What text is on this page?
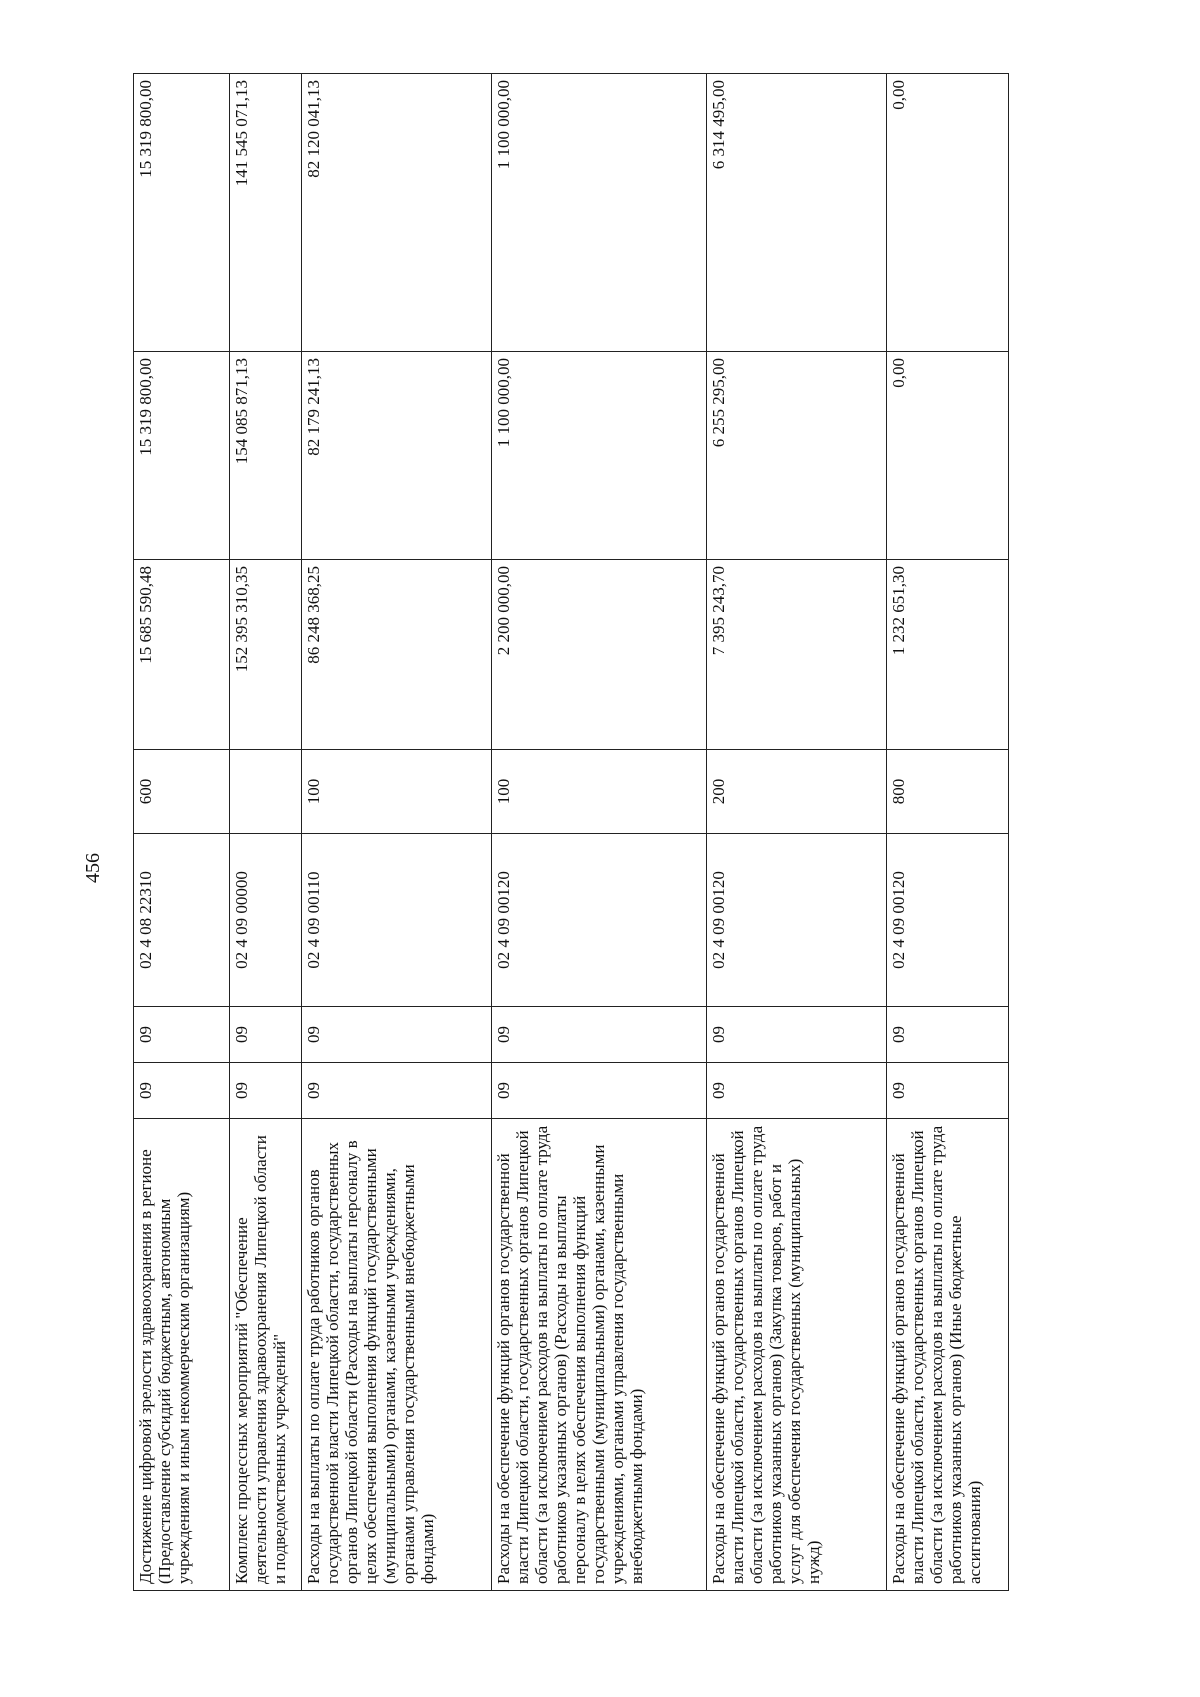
456
Достижение цифровой зрелости здравоохранения в регионе (Предоставление субсидий бюджетным, автономным учреждениям и иным некоммерческим организациям)	09	09	02 4 08 22310	600	15 685 590,48	15 319 800,00	15 319 800,00
Комплекс процессных мероприятий "Обеспечение деятельности управления здравоохранения Липецкой области и подведомственных учреждений"	09	09	02 4 09 00000		152 395 310,35	154 085 871,13	141 545 071,13
Расходы на выплаты по оплате труда работников органов государственной власти Липецкой области, государственных органов Липецкой области (Расходы на выплаты персоналу в целях обеспечения выполнения функций государственными (муниципальными) органами, казенными учреждениями, органами управления государственными внебюджетными фондами)	09	09	02 4 09 00110	100	86 248 368,25	82 179 241,13	82 120 041,13
Расходы на обеспечение функций органов государственной власти Липецкой области, государственных органов Липецкой области (за исключением расходов на выплаты по оплате труда работников указанных органов) (Расходы на выплаты персоналу в целях обеспечения выполнения функций государственными (муниципальными) органами, казенными учреждениями, органами управления государственными внебюджетными фондами)	09	09	02 4 09 00120	100	2 200 000,00	1 100 000,00	1 100 000,00
Расходы на обеспечение функций органов государственной власти Липецкой области, государственных органов Липецкой области (за исключением расходов на выплаты по оплате труда работников указанных органов) (Закупка товаров, работ и услуг для обеспечения государственных (муниципальных) нужд)	09	09	02 4 09 00120	200	7 395 243,70	6 255 295,00	6 314 495,00
Расходы на обеспечение функций органов государственной власти Липецкой области, государственных органов Липецкой области (за исключением расходов на выплаты по оплате труда работников указанных органов) (Иные бюджетные ассигнования)	09	09	02 4 09 00120	800	1 232 651,30	0,00	0,00
